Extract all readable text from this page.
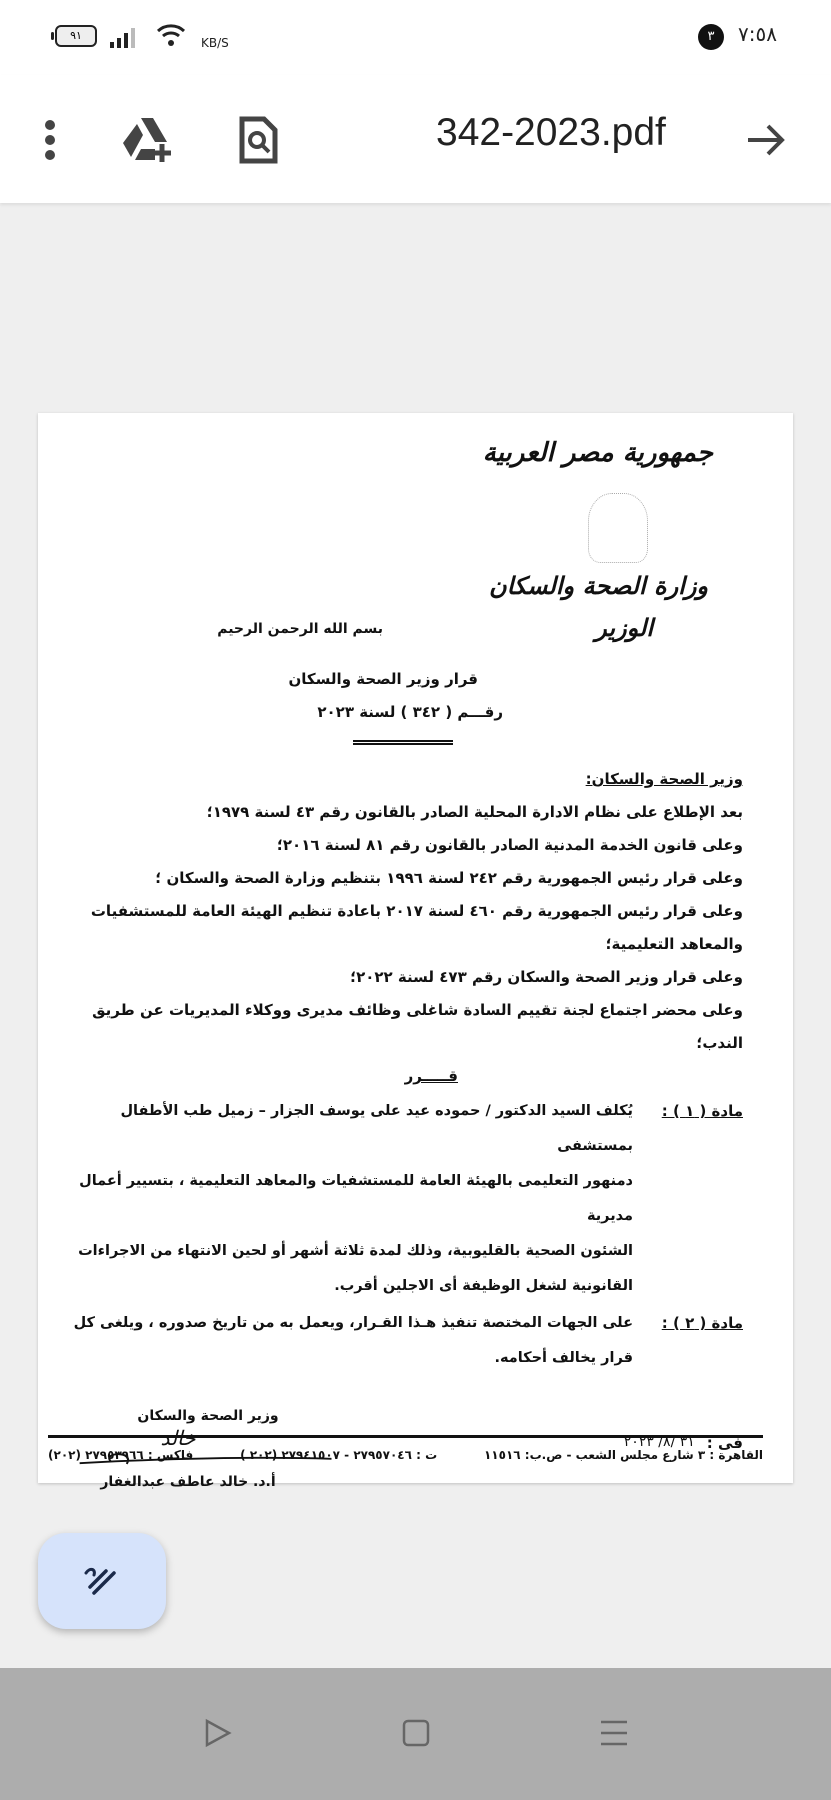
٩١
KB/S	٣	٧:٥٨
342-2023.pdf
جمهورية مصر العربية
وزارة الصحة والسكان
الوزير
بسم الله الرحمن الرحيم
قرار وزير الصحة والسكان
رقـــم ( ٣٤٢ ) لسنة ٢٠٢٣
وزير الصحة والسكان:
بعد الإطلاع على نظام الادارة المحلية الصادر بالقانون رقم ٤٣ لسنة ١٩٧٩؛
وعلى قانون الخدمة المدنية الصادر بالقانون رقم ٨١ لسنة ٢٠١٦؛
وعلى قرار رئيس الجمهورية رقم ٢٤٢ لسنة ١٩٩٦ بتنظيم وزارة الصحة والسكان ؛
وعلى قرار رئيس الجمهورية رقم ٤٦٠ لسنة ٢٠١٧ باعادة تنظيم الهيئة العامة للمستشفيات والمعاهد التعليمية؛
وعلى قرار وزير الصحة والسكان رقم ٤٧٣ لسنة ٢٠٢٢؛
وعلى محضر اجتماع لجنة تقييم السادة شاغلى وظائف مديرى ووكلاء المديريات عن طريق الندب؛
قـــــرر
مادة ( ١ ) :
يُكلف السيد الدكتور / حموده عيد على يوسف الجزار – زميل طب الأطفال بمستشفى
دمنهور التعليمى بالهيئة العامة للمستشفيات والمعاهد التعليمية ، بتسيير أعمال مديرية
الشئون الصحية بالقليوبية، وذلك لمدة ثلاثة أشهر أو لحين الانتهاء من الاجراءات
القانونية لشغل الوظيفة أى الاجلين أقرب.
مادة ( ٢ ) :
على الجهات المختصة تنفيذ هـذا القـرار، ويعمل به من تاريخ صدوره ، ويلغى كل
قرار يخالف أحكامه.
فى :
٣١ /٨/ ٢٠٢٣
وزير الصحة والسكان
خالد
أ.د. خالد عاطف عبدالغفار
القاهرة : ٣ شارع مجلس الشعب - ص.ب: ١١٥١٦
ت : ٢٧٩٥٧٠٤٦ - ٢٧٩٤١٥٠٧ (٢٠٢ )
فاكس : ٢٧٩٥٣٩٦٦ (٢٠٢)
